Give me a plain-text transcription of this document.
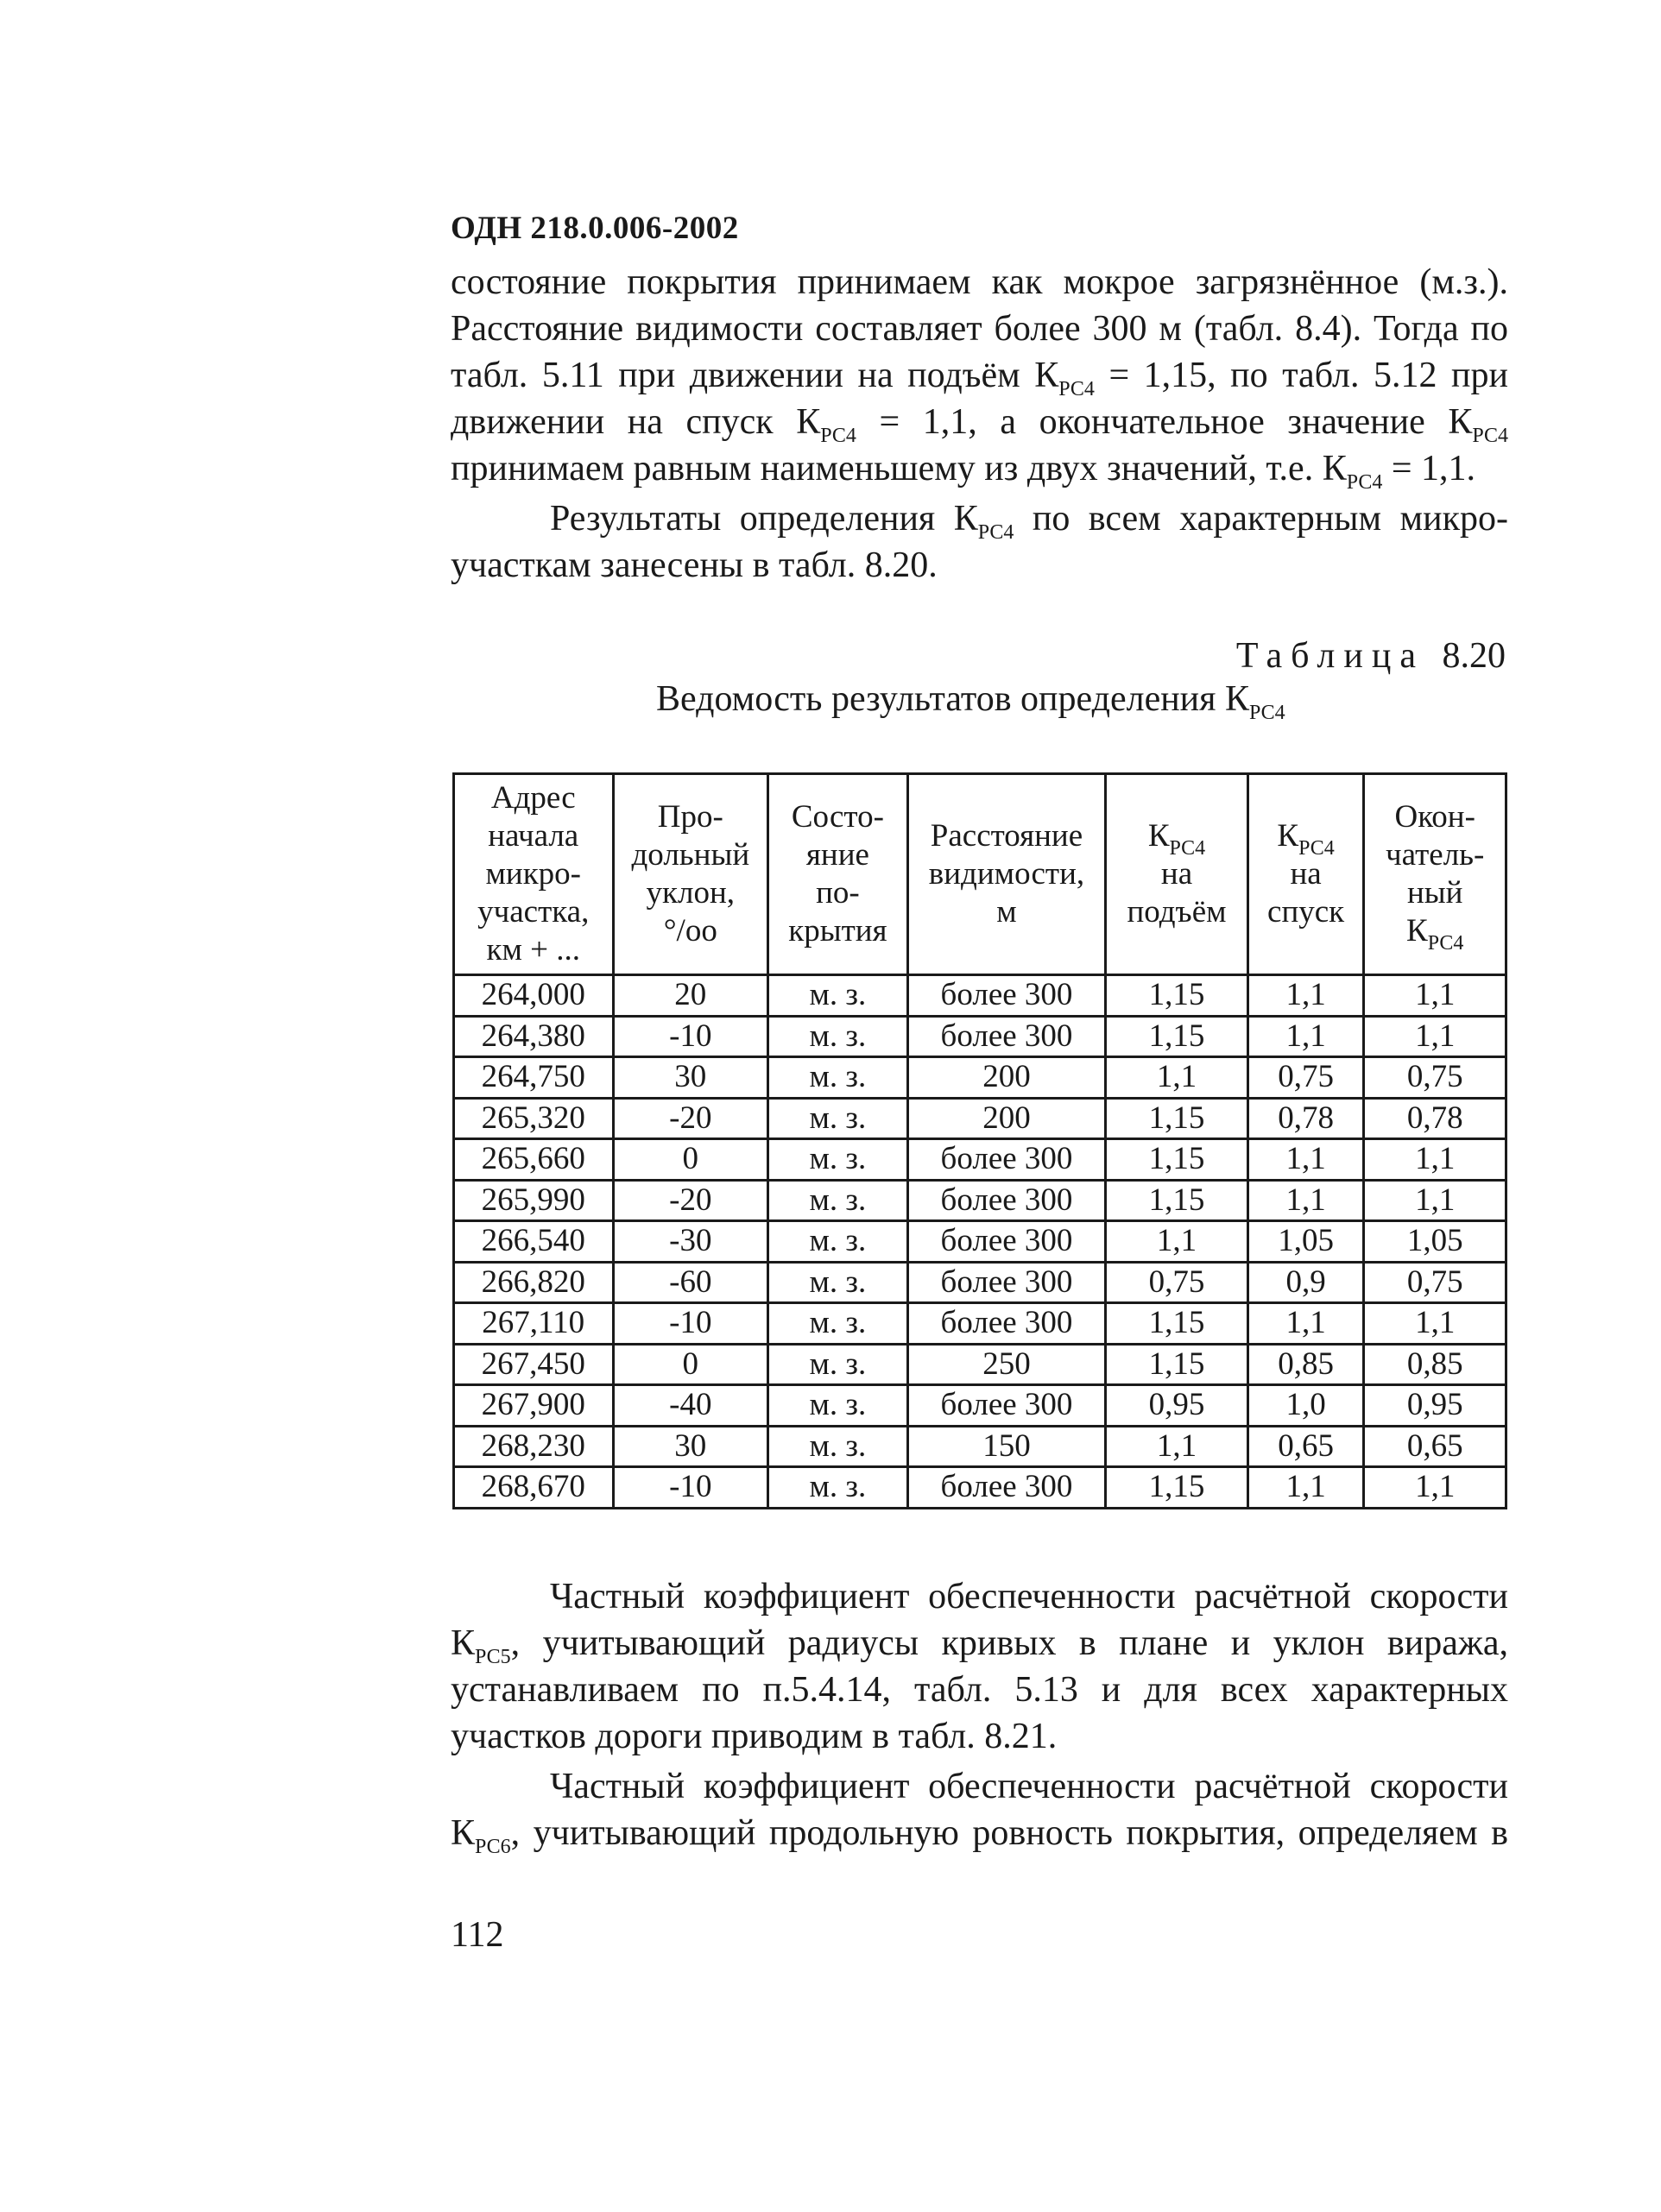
ОДН 218.0.006-2002

состояние покрытия принимаем как мокрое загрязнённое (м.з.).
Расстояние видимости составляет более 300 м (табл. 8.4). Тогда по
табл. 5.11 при движении на подъём $К_{РС4} = 1,15$, по табл. 5.12 при
движении на спуск $К_{РС4} = 1,1$, а окончательное значение $К_{РС4}$
принимаем равным наименьшему из двух значений, т.е. $К_{РС4} = 1,1$.

Результаты определения $К_{РС4}$ по всем характерным микро-
участкам занесены в табл. 8.20.

Таблица 8.20
Ведомость результатов определения $К_{РС4}$
Адрес
начала
микро-
участка,
км + ...	Про-
дольный
уклон,
°/оо	Состо-
яние
по-
крытия	Расстояние
видимости,
м	$К_{РС4}$
на
подъём	$К_{РС4}$
на
спуск	Окон-
чатель-
ный
$К_{РС4}$
264,000	20	м. з.	более 300	1,15	1,1	1,1
264,380	-10	м. з.	более 300	1,15	1,1	1,1
264,750	30	м. з.	200	1,1	0,75	0,75
265,320	-20	м. з.	200	1,15	0,78	0,78
265,660	0	м. з.	более 300	1,15	1,1	1,1
265,990	-20	м. з.	более 300	1,15	1,1	1,1
266,540	-30	м. з.	более 300	1,1	1,05	1,05
266,820	-60	м. з.	более 300	0,75	0,9	0,75
267,110	-10	м. з.	более 300	1,15	1,1	1,1
267,450	0	м. з.	250	1,15	0,85	0,85
267,900	-40	м. з.	более 300	0,95	1,0	0,95
268,230	30	м. з.	150	1,1	0,65	0,65
268,670	-10	м. з.	более 300	1,15	1,1	1,1

Частный коэффициент обеспеченности расчётной скорости
$К_{РС5}$, учитывающий радиусы кривых в плане и уклон виража,
устанавливаем по п.5.4.14, табл. 5.13 и для всех характерных
участков дороги приводим в табл. 8.21.

Частный коэффициент обеспеченности расчётной скорости
$К_{РС6}$, учитывающий продольную ровность покрытия, определяем в

112
